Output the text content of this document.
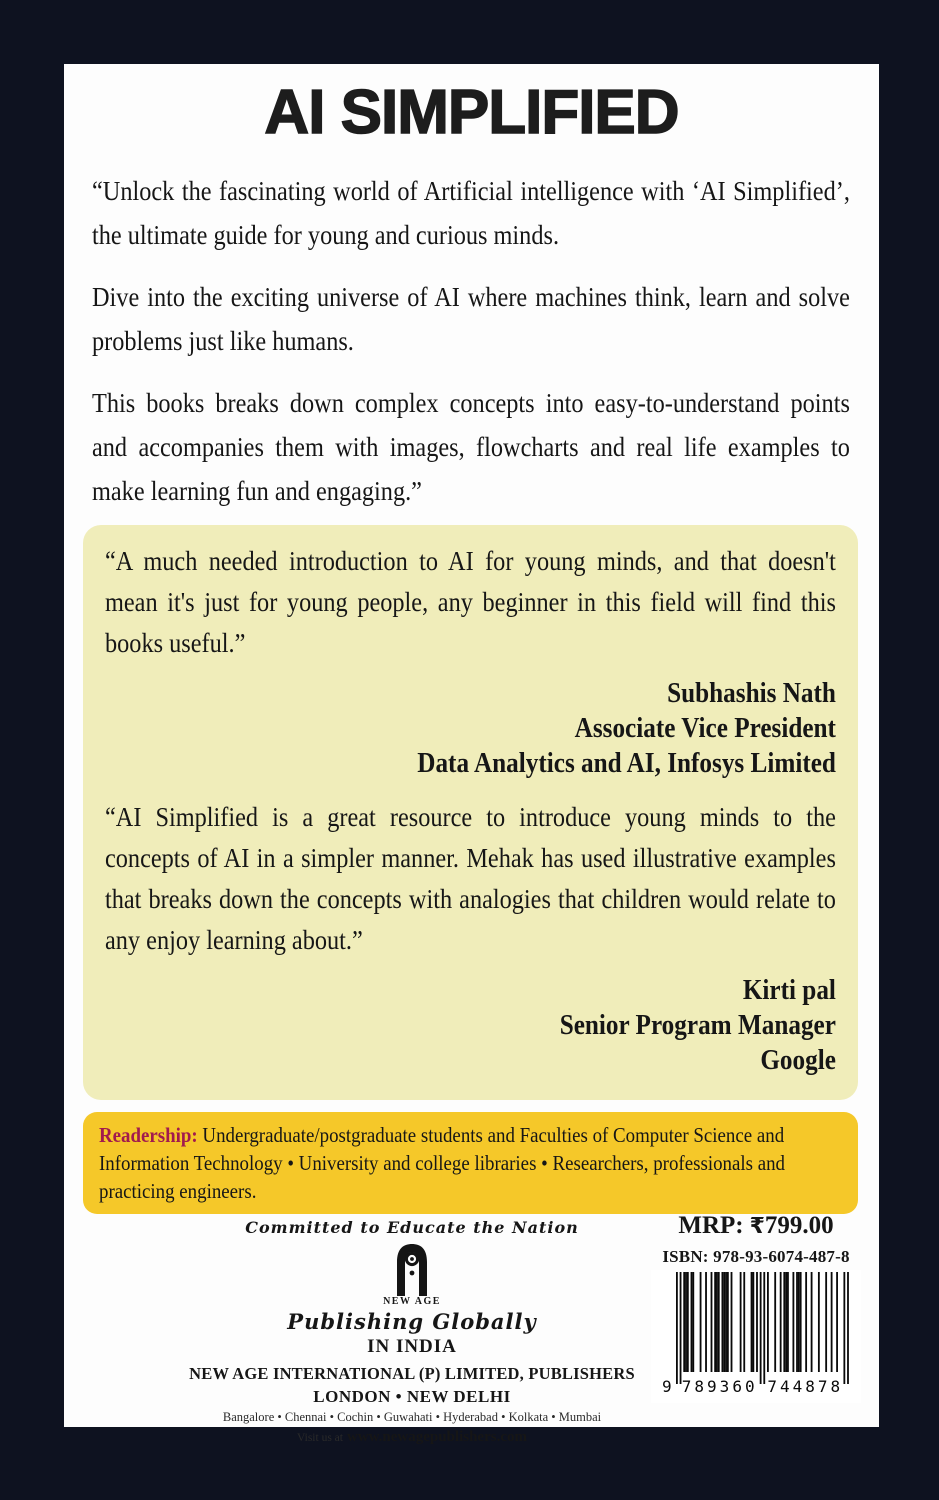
AI SIMPLIFIED

“Unlock the fascinating world of Artificial intelligence with ‘AI Simplified’, the ultimate guide for young and curious minds.

Dive into the exciting universe of AI where machines think, learn and solve problems just like humans.

This books breaks down complex concepts into easy-to-understand points and accompanies them with images, flowcharts and real life examples to make learning fun and engaging.”

“A much needed introduction to AI for young minds, and that doesn't mean it's just for young people, any beginner in this field will find this books useful.”

Subhashis Nath
Associate Vice President
Data Analytics and AI, Infosys Limited

“AI Simplified is a great resource to introduce young minds to the concepts of AI in a simpler manner. Mehak has used illustrative examples that breaks down the concepts with analogies that children would relate to any enjoy learning about.”

Kirti pal
Senior Program Manager
Google
Readership: Undergraduate/postgraduate students and Faculties of Computer Science and Information Technology • University and college libraries • Researchers, professionals and practicing engineers.
Committed to Educate the Nation
NEW AGE
Publishing Globally
IN INDIA
NEW AGE INTERNATIONAL (P) LIMITED, PUBLISHERS
LONDON • NEW DELHI
Bangalore • Chennai • Cochin • Guwahati • Hyderabad • Kolkata • Mumbai
Visit us at www.newagepublishers.com
MRP: ₹799.00
ISBN: 978-93-6074-487-8
9 789360 744878
